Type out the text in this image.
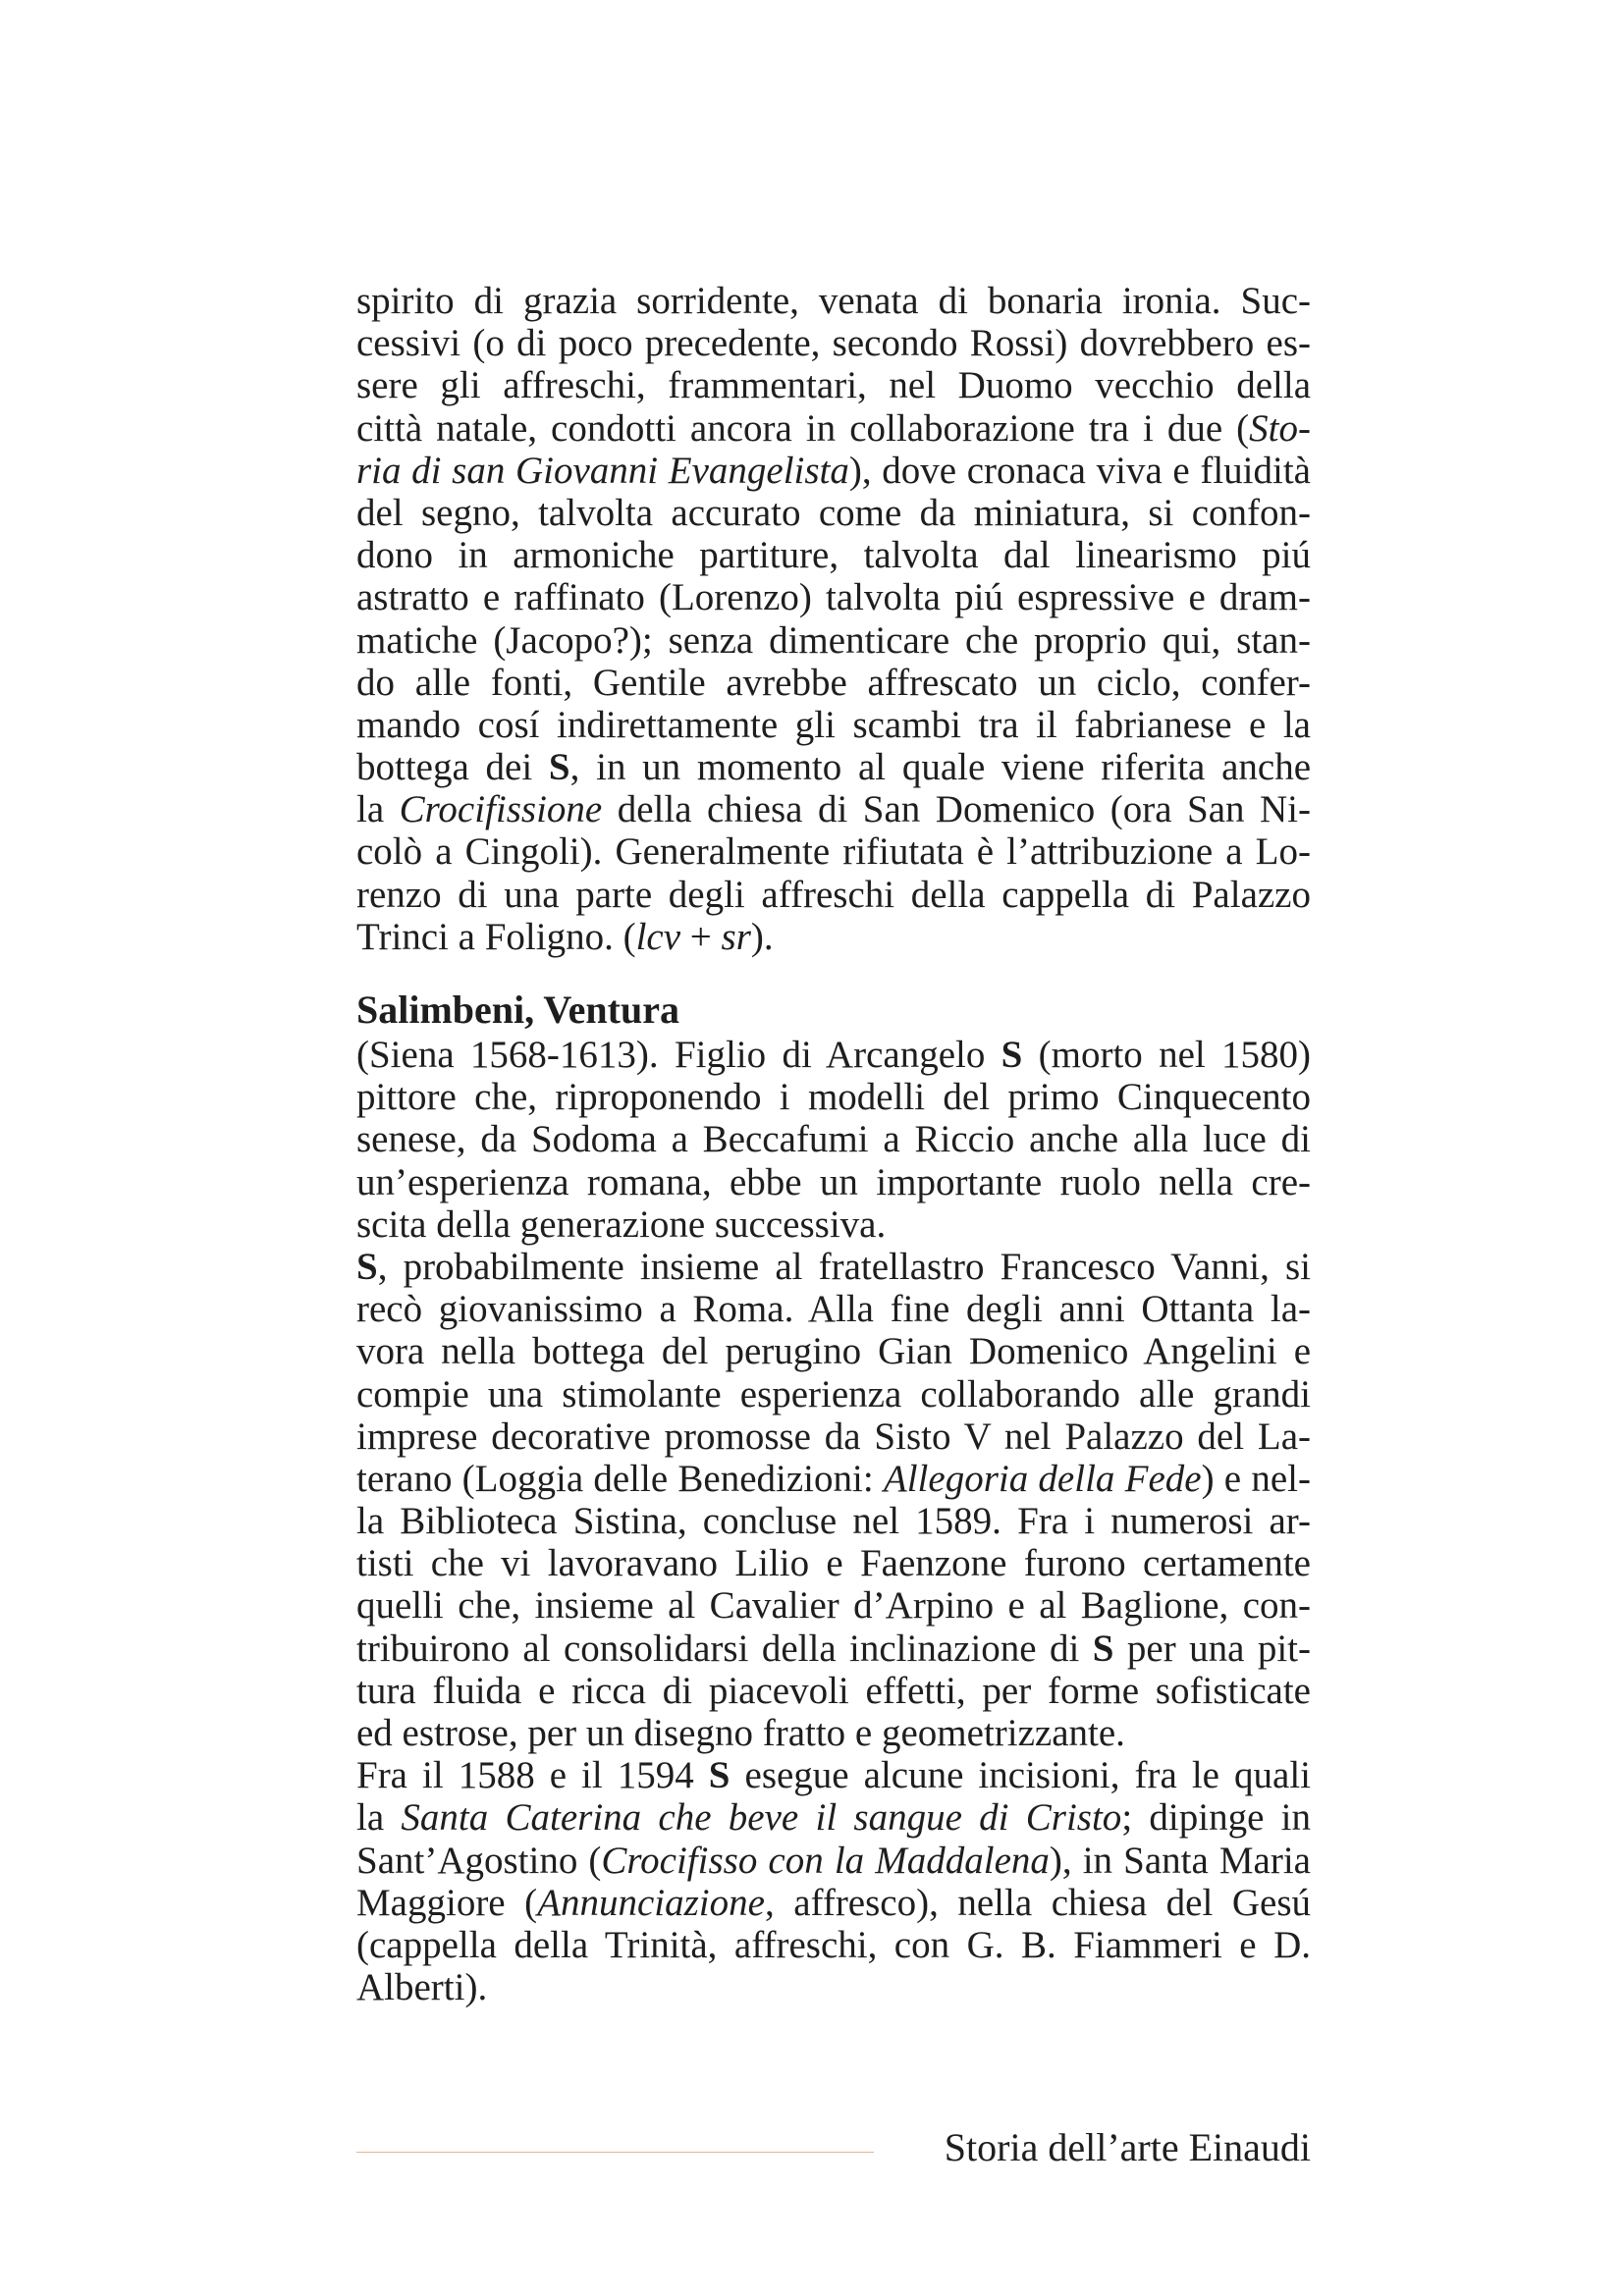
spirito di grazia sorridente, venata di bonaria ironia. Suc-
cessivi (o di poco precedente, secondo Rossi) dovrebbero es-
sere gli affreschi, frammentari, nel Duomo vecchio della
città natale, condotti ancora in collaborazione tra i due (Sto-
ria di san Giovanni Evangelista), dove cronaca viva e fluidità
del segno, talvolta accurato come da miniatura, si confon-
dono in armoniche partiture, talvolta dal linearismo piú
astratto e raffinato (Lorenzo) talvolta piú espressive e dram-
matiche (Jacopo?); senza dimenticare che proprio qui, stan-
do alle fonti, Gentile avrebbe affrescato un ciclo, confer-
mando cosí indirettamente gli scambi tra il fabrianese e la
bottega dei S, in un momento al quale viene riferita anche
la Crocifissione della chiesa di San Domenico (ora San Ni-
colò a Cingoli). Generalmente rifiutata è l’attribuzione a Lo-
renzo di una parte degli affreschi della cappella di Palazzo
Trinci a Foligno. (lcv + sr).
Salimbeni, Ventura
(Siena 1568-1613). Figlio di Arcangelo S (morto nel 1580)
pittore che, riproponendo i modelli del primo Cinquecento
senese, da Sodoma a Beccafumi a Riccio anche alla luce di
un’esperienza romana, ebbe un importante ruolo nella cre-
scita della generazione successiva.
S, probabilmente insieme al fratellastro Francesco Vanni, si
recò giovanissimo a Roma. Alla fine degli anni Ottanta la-
vora nella bottega del perugino Gian Domenico Angelini e
compie una stimolante esperienza collaborando alle grandi
imprese decorative promosse da Sisto V nel Palazzo del La-
terano (Loggia delle Benedizioni: Allegoria della Fede) e nel-
la Biblioteca Sistina, concluse nel 1589. Fra i numerosi ar-
tisti che vi lavoravano Lilio e Faenzone furono certamente
quelli che, insieme al Cavalier d’Arpino e al Baglione, con-
tribuirono al consolidarsi della inclinazione di S per una pit-
tura fluida e ricca di piacevoli effetti, per forme sofisticate
ed estrose, per un disegno fratto e geometrizzante.
Fra il 1588 e il 1594 S esegue alcune incisioni, fra le quali
la Santa Caterina che beve il sangue di Cristo; dipinge in
Sant’Agostino (Crocifisso con la Maddalena), in Santa Maria
Maggiore (Annunciazione, affresco), nella chiesa del Gesú
(cappella della Trinità, affreschi, con G. B. Fiammeri e D.
Alberti).
Storia dell’arte Einaudi
